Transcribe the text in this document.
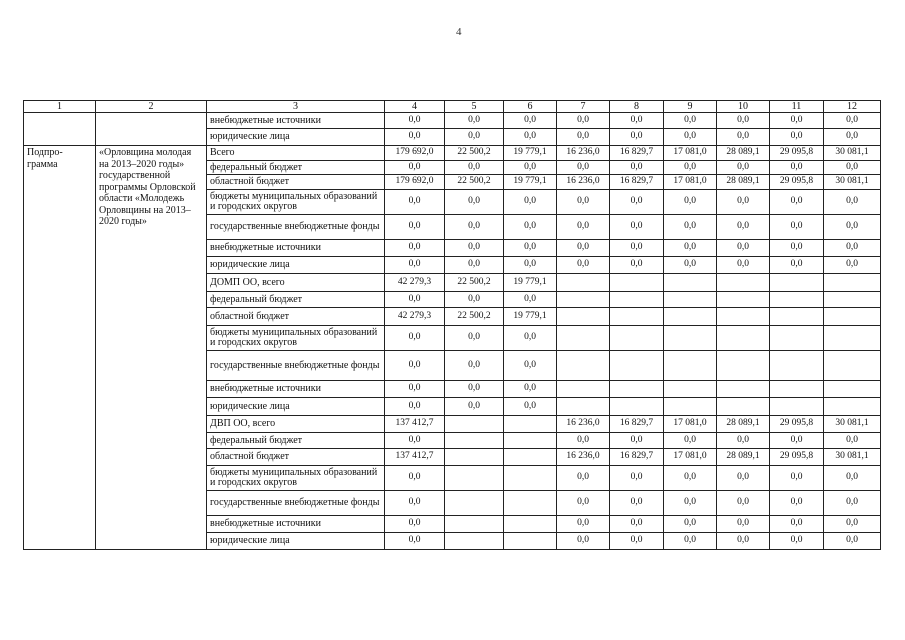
4
1	2	3	4	5	6	7	8	9	10	11	12
		внебюджетные источники	0,0	0,0	0,0	0,0	0,0	0,0	0,0	0,0	0,0
		юридические лица	0,0	0,0	0,0	0,0	0,0	0,0	0,0	0,0	0,0
Подпро-
грамма	«Орловщина молодая на 2013–2020 годы» государственной программы Орловской области «Молодежь Орловщины на 2013–2020 годы»	Всего	179 692,0	22 500,2	19 779,1	16 236,0	16 829,7	17 081,0	28 089,1	29 095,8	30 081,1
		федеральный бюджет	0,0	0,0	0,0	0,0	0,0	0,0	0,0	0,0	0,0
		областной бюджет	179 692,0	22 500,2	19 779,1	16 236,0	16 829,7	17 081,0	28 089,1	29 095,8	30 081,1
		бюджеты муниципальных образований и городских округов	0,0	0,0	0,0	0,0	0,0	0,0	0,0	0,0	0,0
		государственные внебюджетные фонды	0,0	0,0	0,0	0,0	0,0	0,0	0,0	0,0	0,0
		внебюджетные источники	0,0	0,0	0,0	0,0	0,0	0,0	0,0	0,0	0,0
		юридические лица	0,0	0,0	0,0	0,0	0,0	0,0	0,0	0,0	0,0
		ДОМП ОО, всего	42 279,3	22 500,2	19 779,1						
		федеральный бюджет	0,0	0,0	0,0						
		областной бюджет	42 279,3	22 500,2	19 779,1						
		бюджеты муниципальных образований и городских округов	0,0	0,0	0,0						
		государственные внебюджетные фонды	0,0	0,0	0,0						
		внебюджетные источники	0,0	0,0	0,0						
		юридические лица	0,0	0,0	0,0						
		ДВП ОО, всего	137 412,7			16 236,0	16 829,7	17 081,0	28 089,1	29 095,8	30 081,1
		федеральный бюджет	0,0			0,0	0,0	0,0	0,0	0,0	0,0
		областной бюджет	137 412,7			16 236,0	16 829,7	17 081,0	28 089,1	29 095,8	30 081,1
		бюджеты муниципальных образований и городских округов	0,0			0,0	0,0	0,0	0,0	0,0	0,0
		государственные внебюджетные фонды	0,0			0,0	0,0	0,0	0,0	0,0	0,0
		внебюджетные источники	0,0			0,0	0,0	0,0	0,0	0,0	0,0
		юридические лица	0,0			0,0	0,0	0,0	0,0	0,0	0,0
